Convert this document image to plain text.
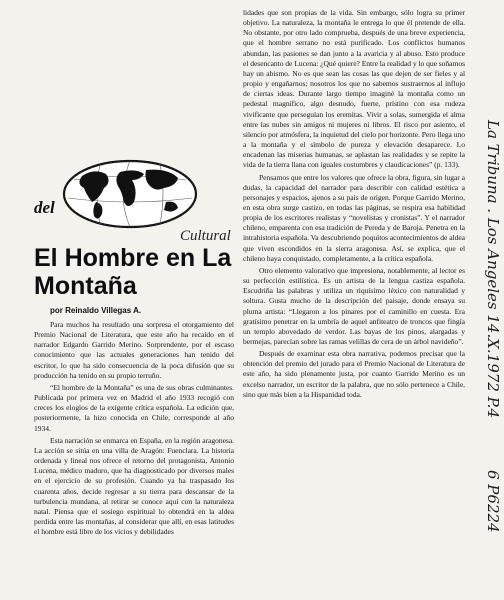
lidades que son propias de la vida. Sin embargo, sólo logra su primer objetivo. La naturaleza, la montaña le entrega lo que él pretende de ella. No obstante, por otro lado comprueba, después de una breve experiencia, que el hombre serrano no está purificado. Los conflictos humanos abundan, las pasiones se dan junto a la avaricia y al abuso. Esto produce el desencanto de Lucena: ¿Qué quiere? Entre la realidad y lo que soñamos hay un abismo. No es que sean las cosas las que dejen de ser fieles y al propio y engañarnos; nosotros los que no sabemos sustraernos al influjo de ciertas ideas. Durante largo tiempo imaginé la montaña como un pedestal magnífico, algo desnudo, fuerte, prístino con esa rudeza vivificante que perseguían los eremitas. Vivir a solas, sumergida el alma entre las nubes sin amigos ni mujeres ni libros. El risco por asiento, el silencio por atmósfera, la inquietud del cielo por horizonte. Pero llega uno a la montaña y el símbolo de pureza y elevación desaparece. Lo encadenan las miserias humanas, se aplastan las realidades y se repite la vida de la tierra llana con iguales costumbres y claudicaciones” (p. 133).

Pensamos que entre los valores que ofrece la obra, figura, sin lugar a dudas, la capacidad del narrador para describir con calidad estética a personajes y espacios, ajenos a su país de origen. Porque Garrido Merino, en esta obra surge castizo, en todas las páginas, se respira esa habilidad propia de los escritores realistas y “novelistas y cronistas”. Y el narrador chileno, emparenta con esa tradición de Pereda y de Baroja. Penetra en la intrahistoria española. Va descubriendo poquitos acontecimientos de aldea que viven escondidos en la sierra aragonesa. Así, se explica, que el chileno haya conquistado, completamente, a la crítica española.

Otro elemento valorativo que impresiona, notablemente, al lector es su perfección estilística. Es un artista de la lengua castiza española. Escudriña las palabras y utiliza un riquísimo léxico con naturalidad y soltura. Gusta mucho de la descripción del paisaje, donde ensaya su pluma artista: “Llegaron a los pinares por el caminillo en cuesta. Era gratísimo penetrar en la umbría de aquel anfiteatro de troncos que fingía un templo abovedado de verdor. Las bayas de los pinos, alargadas y bermejas, parecían sobre las ramas velillas de cera de un árbol navideño”.

Después de examinar esta obra narrativa, podemos precisar que la obtención del premio del jurado para el Premio Nacional de Literatura de este año, ha sido plenamente justa, por cuanto Garrido Merino es un excelso narrador, un escritor de la palabra, que no sólo pertenece a Chile, sino que más bien a la Hispanidad toda.

del
Cultural
El Hombre en La Montaña
por Reinaldo Villegas A.

Para muchos ha resultado una sorpresa el otorgamiento del Premio Nacional de Literatura, que este año ha recaído en el narrador Edgardo Garrido Merino. Sorprendente, por el escaso conocimiento que las actuales generaciones han tenido del escritor, lo que ha sido consecuencia de la poca difusión que su producción ha tenido en su propio terruño.

“El hombre de la Montaña” es una de sus obras culminantes. Publicada por primera vez en Madrid el año 1933 recogió con creces los elogios de la exigente crítica española. La edición que, posteriormente, la hizo conocida en Chile, corresponde al año 1934.

Esta narración se enmarca en España, en la región aragonesa. La acción se sitúa en una villa de Aragón: Fuenclara. La historia ordenada y lineal nos ofrece el retorno del protagonista, Antonio Lucena, médico maduro, que ha diagnosticado por diversos males en el ejercicio de su profesión. Cuando ya ha traspasado los cuarenta años, decide regresar a su tierra para descansar de la turbulencia mundana, al retirar se conoce aquí con la naturaleza natal. Piensa que el sosiego espiritual lo obtendrá en la aldea perdida entre las montañas, al considerar que allí, en esas latitudes el hombre está libre de los vicios y debilidades

La Tribuna . Los Angeles 14.X.1972 P.4
6 P6224
